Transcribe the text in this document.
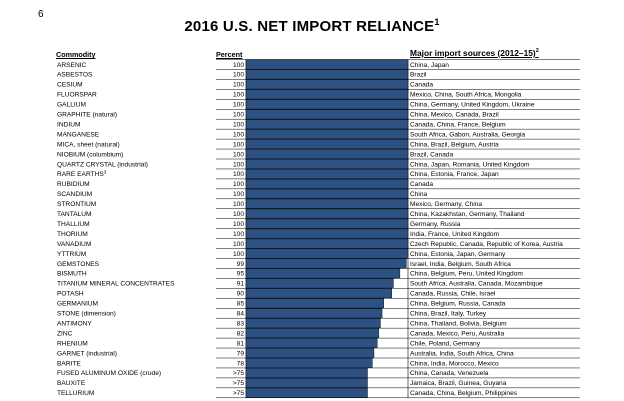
6
2016 U.S. NET IMPORT RELIANCE$^1$
Commodity	Percent	Major import sources (2012–15)$^2$
ARSENIC	100	China, Japan
ASBESTOS	100	Brazil
CESIUM	100	Canada
FLUORSPAR	100	Mexico, China, South Africa, Mongolia
GALLIUM	100	China, Germany, United Kingdom, Ukraine
GRAPHITE (natural)	100	China, Mexico, Canada, Brazil
INDIUM	100	Canada, China, France, Belgium
MANGANESE	100	South Africa, Gabon, Australia, Georgia
MICA, sheet (natural)	100	China, Brazil, Belgium, Austria
NIOBIUM (columbium)	100	Brazil, Canada
QUARTZ CRYSTAL (industrial)	100	China, Japan, Romania, United Kingdom
RARE EARTHS$^3$	100	China, Estonia, France, Japan
RUBIDIUM	100	Canada
SCANDIUM	100	China
STRONTIUM	100	Mexico, Germany, China
TANTALUM	100	China, Kazakhstan, Germany, Thailand
THALLIUM	100	Germany, Russia
THORIUM	100	India, France, United Kingdom
VANADIUM	100	Czech Republic, Canada, Republic of Korea, Austria
YTTRIUM	100	China, Estonia, Japan, Germany
GEMSTONES	99	Israel, India, Belgium, South Africa
BISMUTH	95	China, Belgium, Peru, United Kingdom
TITANIUM MINERAL CONCENTRATES	91	South Africa, Australia, Canada, Mozambique
POTASH	90	Canada, Russia, Chile, Israel
GERMANIUM	85	China, Belgium, Russia, Canada
STONE (dimension)	84	China, Brazil, Italy, Turkey
ANTIMONY	83	China, Thailand, Bolivia, Belgium
ZINC	82	Canada, Mexico, Peru, Australia
RHENIUM	81	Chile, Poland, Germany
GARNET (industrial)	79	Australia, India, South Africa, China
BARITE	78	China, India, Morocco, Mexico
FUSED ALUMINUM OXIDE (crude)	>75	China, Canada, Venezuela
BAUXITE	>75	Jamaica, Brazil, Guinea, Guyana
TELLURIUM	>75	Canada, China, Belgium, Philippines
